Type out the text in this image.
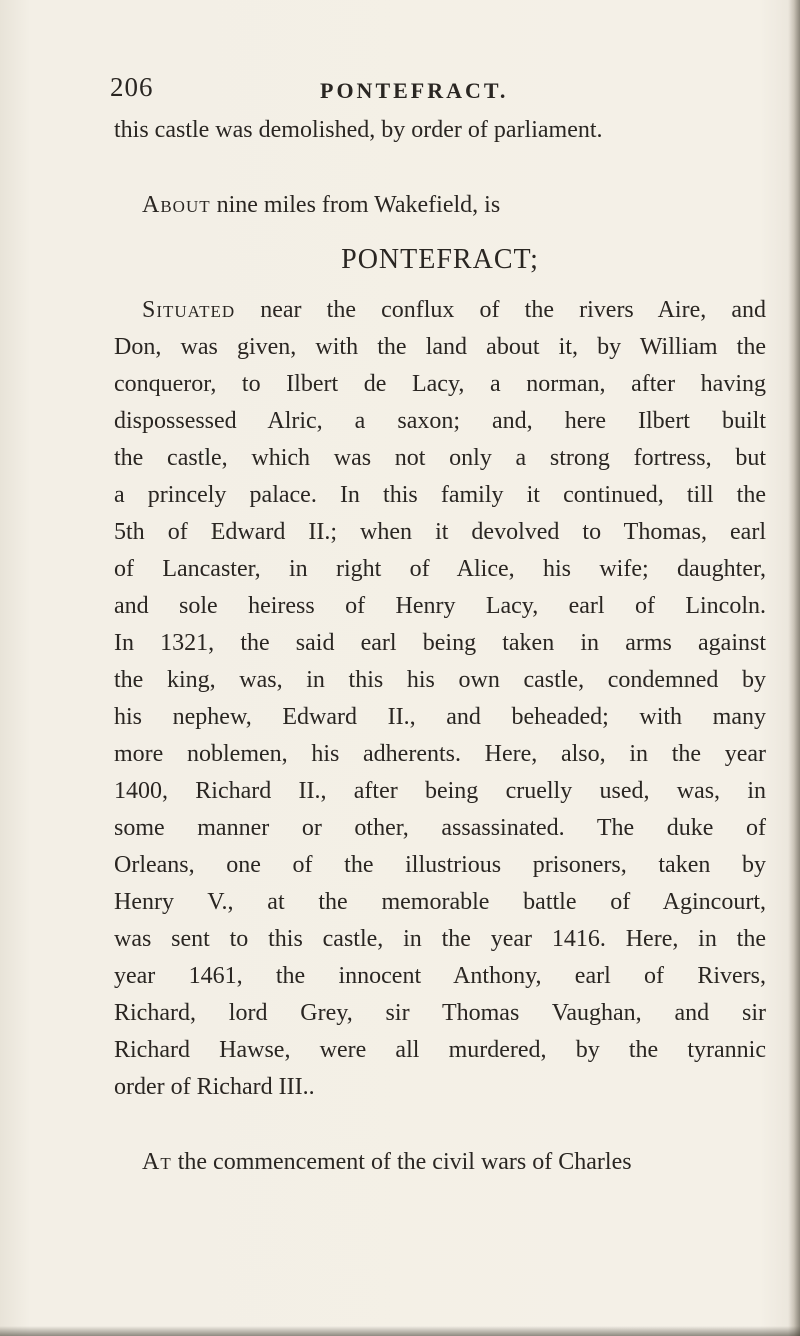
206	PONTEFRACT.

this castle was demolished, by order of parliament.

About nine miles from Wakefield, is

PONTEFRACT;

Situated near the conflux of the rivers Aire, and

Don, was given, with the land about it, by William the

conqueror, to Ilbert de Lacy, a norman, after having

dispossessed Alric, a saxon; and, here Ilbert built

the castle, which was not only a strong fortress, but

a princely palace. In this family it continued, till the

5th of Edward II.; when it devolved to Thomas, earl

of Lancaster, in right of Alice, his wife; daughter,

and sole heiress of Henry Lacy, earl of Lincoln.

In 1321, the said earl being taken in arms against

the king, was, in this his own castle, condemned by

his nephew, Edward II., and beheaded; with many

more noblemen, his adherents. Here, also, in the year

1400, Richard II., after being cruelly used, was, in

some manner or other, assassinated. The duke of

Orleans, one of the illustrious prisoners, taken by

Henry V., at the memorable battle of Agincourt,

was sent to this castle, in the year 1416. Here, in the

year 1461, the innocent Anthony, earl of Rivers,

Richard, lord Grey, sir Thomas Vaughan, and sir

Richard Hawse, were all murdered, by the tyrannic

order of Richard III..

At the commencement of the civil wars of Charles
